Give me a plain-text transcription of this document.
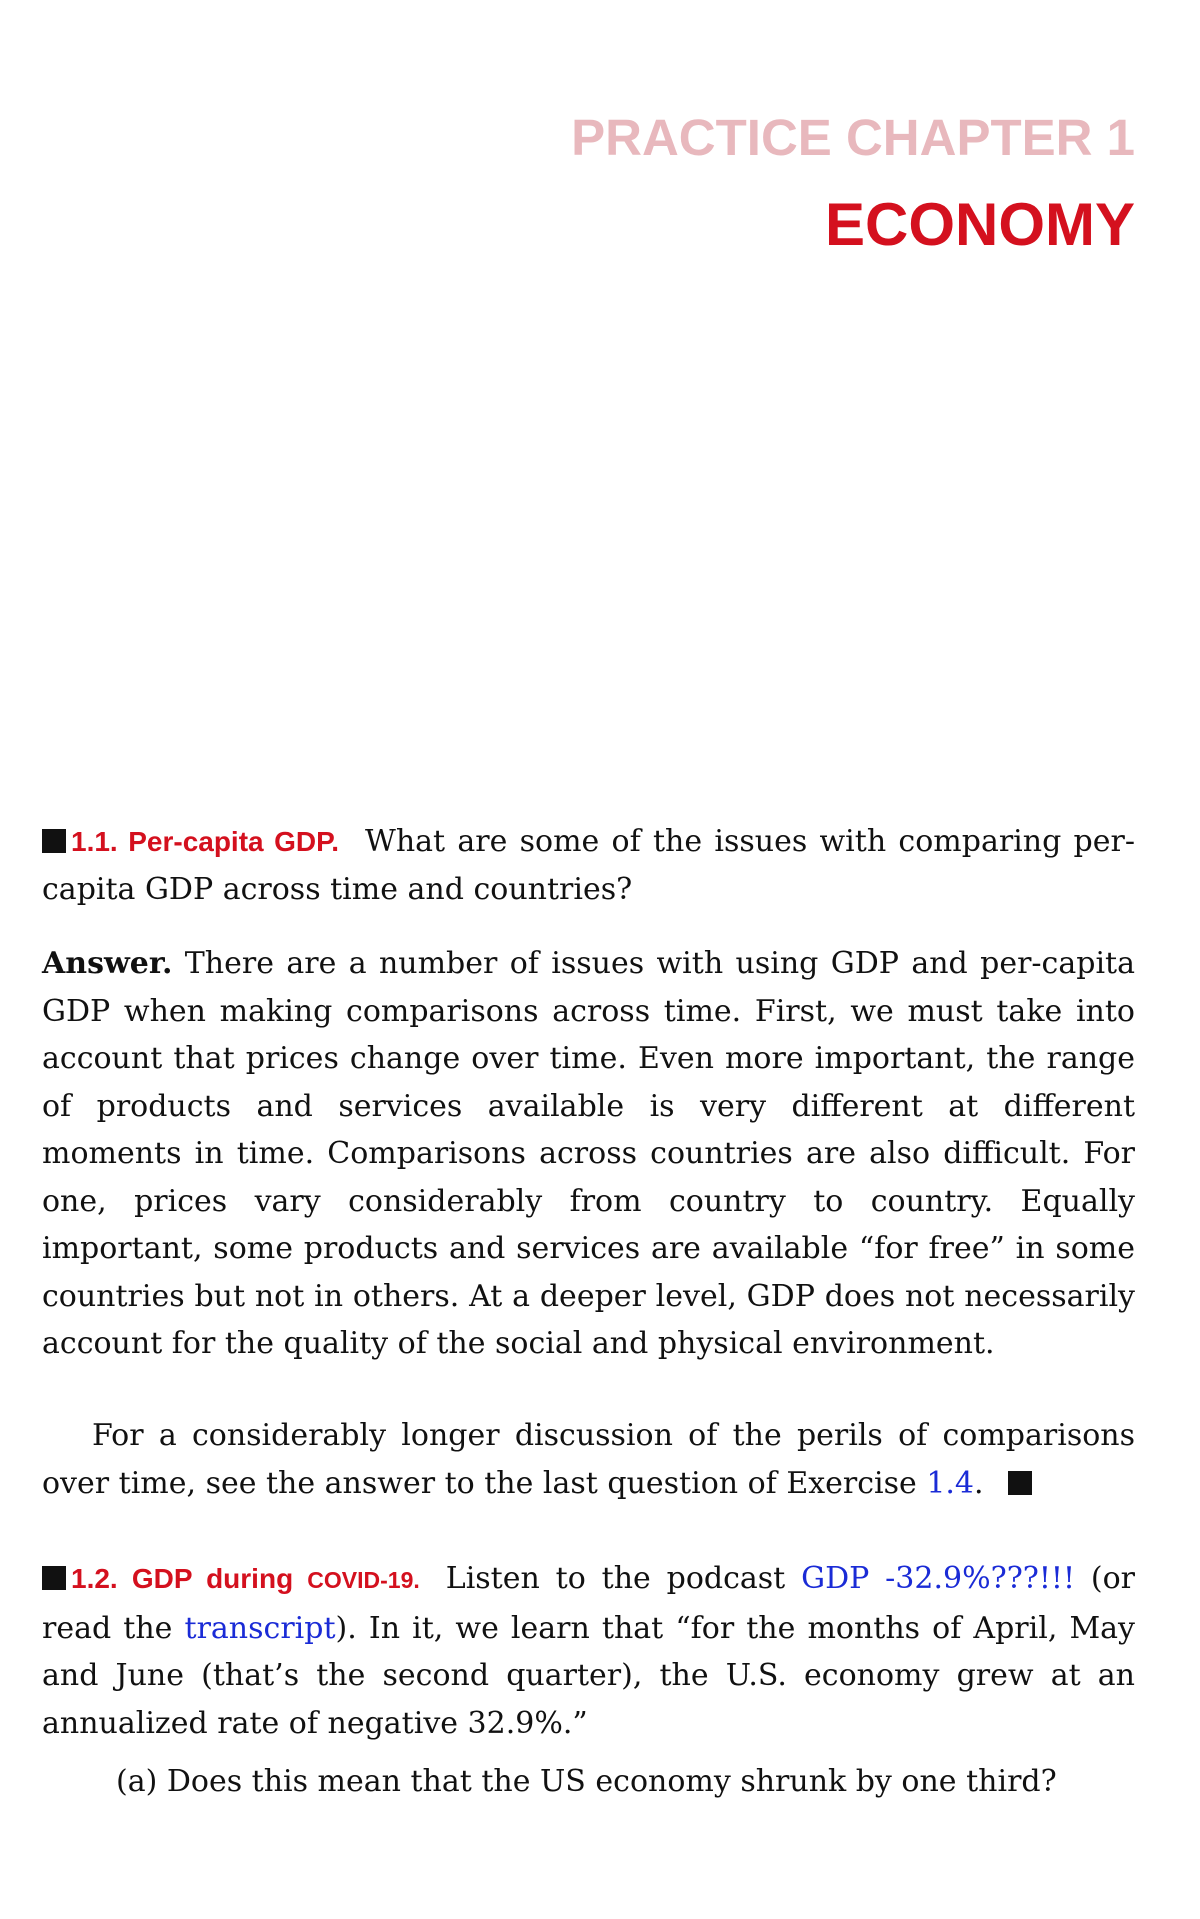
PRACTICE CHAPTER 1
ECONOMY
1.1. Per-capita GDP. What are some of the issues with comparing per-capita GDP across time and countries?
Answer. There are a number of issues with using GDP and per-capita GDP when making comparisons across time. First, we must take into account that prices change over time. Even more important, the range of products and services available is very different at different moments in time. Comparisons across countries are also difficult. For one, prices vary considerably from country to country. Equally important, some products and services are available “for free” in some countries but not in others. At a deeper level, GDP does not necessarily account for the quality of the social and physical environment.
For a considerably longer discussion of the perils of comparisons over time, see the answer to the last question of Exercise 1.4.
1.2. GDP during COVID-19. Listen to the podcast GDP -32.9%???!!! (or read the transcript). In it, we learn that “for the months of April, May and June (that’s the second quarter), the U.S. economy grew at an annualized rate of negative 32.9%.”
(a) Does this mean that the US economy shrunk by one third?
